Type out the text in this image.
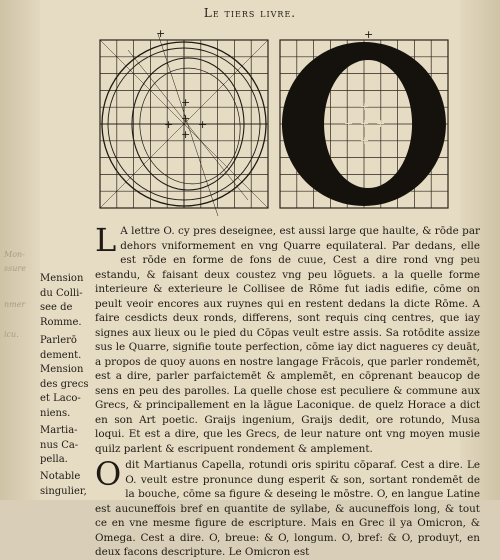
Mon-
ssure
nmer
icu.
Le tiers livre.
+
+
+
+ +
+
+
+ +
+
+
+

L A lettre O. cy pres deseignee, est aussi large que haulte, & rōde par dehors vniformement en vng Quarre equilateral. Par dedans, elle est rōde en forme de fons de cuue, Cest a dire rond vng peu estandu, & faisant deux coustez vng peu lōguets. a la quelle forme interieure & exterieure le Collisee de Rōme fut iadis edifie, cōme on peult veoir encores aux ruynes qui en restent dedans la dicte Rōme. A faire cesdicts deux ronds, differens, sont requis cinq centres, que iay signes aux lieux ou le pied du Cōpas veult estre assis. Sa rotōdite assize sus le Quarre, signifie toute perfection, cōme iay dict nagueres cy deuāt, a propos de quoy auons en nostre langage Frācois, que parler rondemēt, est a dire, parler parfaictemēt & amplemēt, en cōprenant beaucop de sens en peu des parolles. La quelle chose est peculiere & commune aux Grecs, & principallement en la lāgue Laconique. de quelz Horace a dict en son Art poetic. Graijs ingenium, Graijs dedit, ore rotundo, Musa loqui. Et est a dire, que les Grecs, de leur nature ont vng moyen musie quilz parlent & escripuent rondement & amplement.

Odit Martianus Capella, rotundi oris spiritu cōparaf. Cest a dire. Le O. veult estre pronunce dung esperit & son, sortant rondemēt de la bouche, cōme sa figure & deseing le mōstre. O, en langue Latine est aucuneffois bref en quantite de syllabe, & aucuneffois long, & tout ce en vne mesme figure de escripture. Mais en Grec il ya Omicron, & Omega. Cest a dire. O, breue: & O, longum. O, bref: & O, produyt, en deux facons descripture. Le Omicron est

Mension
du Colli-
see de
Romme.
Parlerō
dement.
Mension
des grecs
et Laco-
niens.
Martia-
nus Ca-
pella.
Notable
singulier,
